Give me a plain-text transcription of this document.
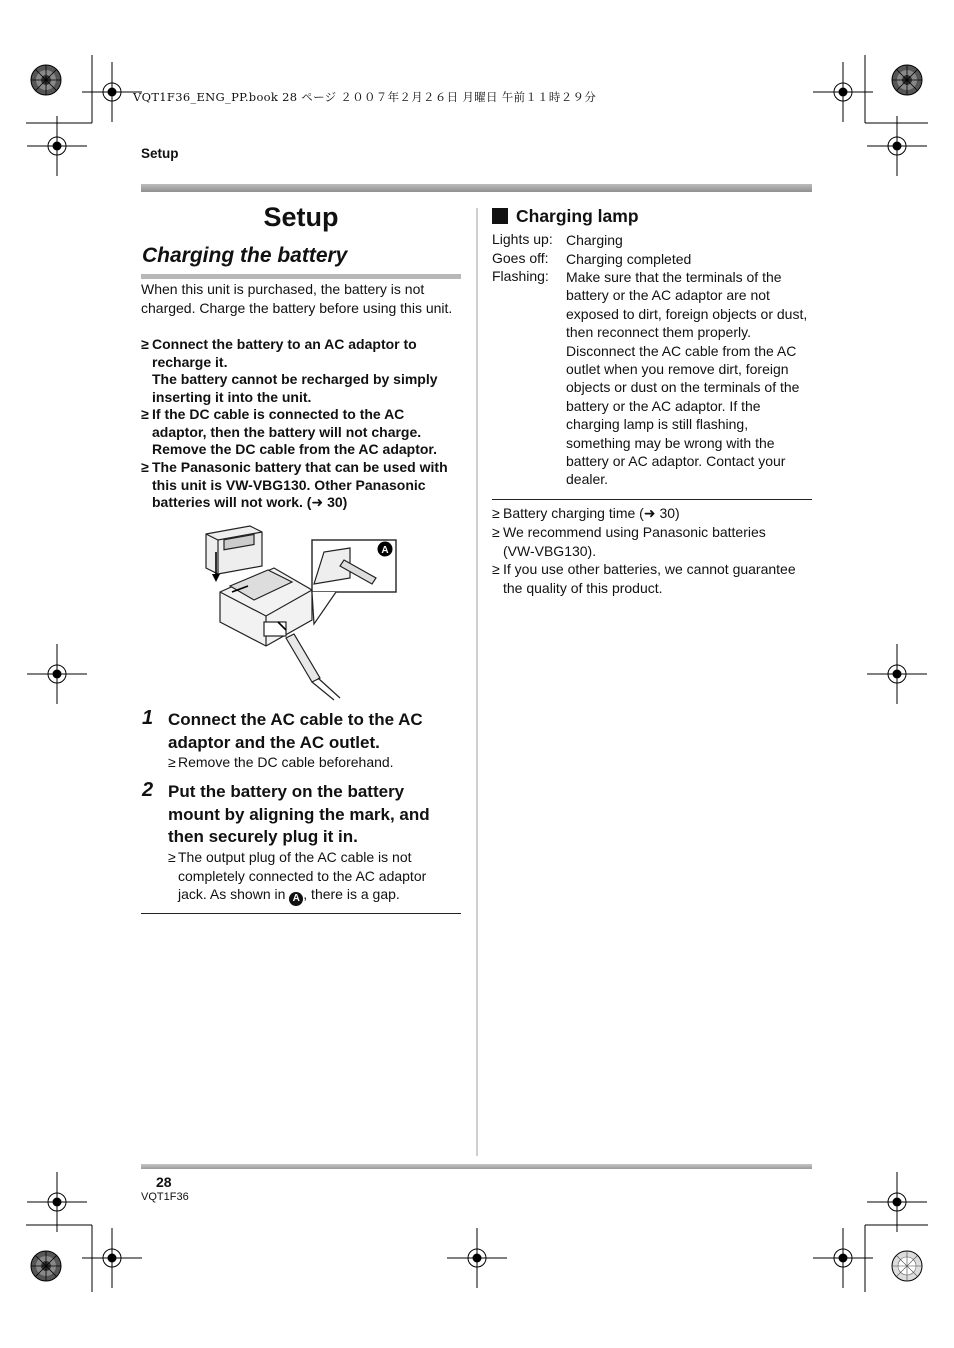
VQT1F36_ENG_PP.book 28 ページ ２００７年２月２６日 月曜日 午前１１時２９分
Setup
Setup
Charging the battery
When this unit is purchased, the battery is not charged. Charge the battery before using this unit.
≥ Connect the battery to an AC adaptor to recharge it.
The battery cannot be recharged by simply inserting it into the unit.
≥ If the DC cable is connected to the AC adaptor, then the battery will not charge. Remove the DC cable from the AC adaptor.
≥ The Panasonic battery that can be used with this unit is VW-VBG130. Other Panasonic batteries will not work. (➜ 30)
A
1 Connect the AC cable to the AC adaptor and the AC outlet.
≥ Remove the DC cable beforehand.
2 Put the battery on the battery mount by aligning the mark, and then securely plug it in.
≥ The output plug of the AC cable is not completely connected to the AC adaptor jack. As shown in A , there is a gap.
Charging lamp
Lights up: Charging
Goes off: Charging completed
Flashing: Make sure that the terminals of the battery or the AC adaptor are not exposed to dirt, foreign objects or dust, then reconnect them properly. Disconnect the AC cable from the AC outlet when you remove dirt, foreign objects or dust on the terminals of the battery or the AC adaptor. If the charging lamp is still flashing, something may be wrong with the battery or AC adaptor. Contact your dealer.
≥ Battery charging time (➜ 30)
≥ We recommend using Panasonic batteries (VW-VBG130).
≥ If you use other batteries, we cannot guarantee the quality of this product.
28
VQT1F36
